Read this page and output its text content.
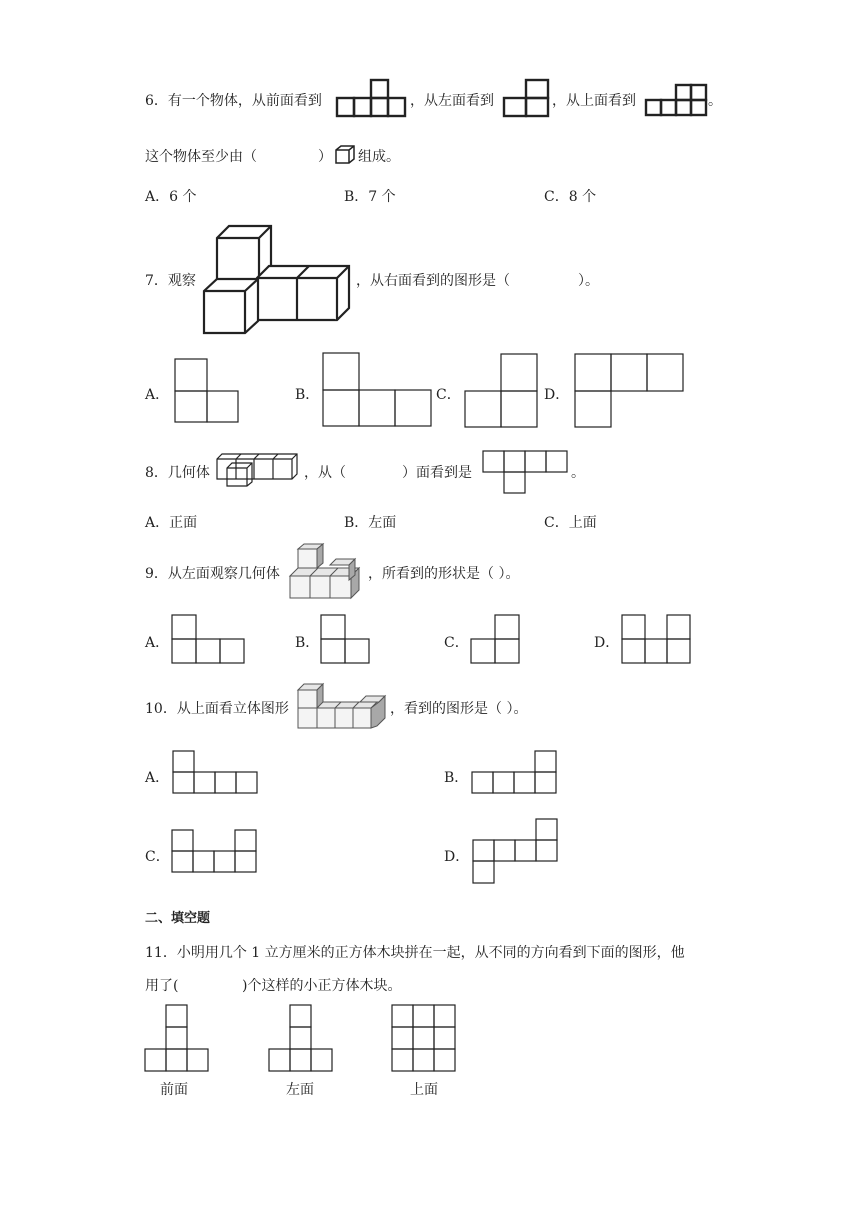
6．有一个物体，从前面看到	，从左面看到	，从上面看到	。
这个物体至少由（	） 组成。
A．6 个	B．7 个	C．8 个
7．观察	，从右面看到的图形是（	）。
A．	B．	C．	D．
8．几何体	，从（	）面看到是	。
A．正面	B．左面	C．上面
9．从左面观察几何体	，所看到的形状是（ ）。
A．	B．	C．	D．
10．从上面看立体图形	，看到的图形是（ ）。
A．	B．
C．	D．
二、填空题
11．小明用几个 1 立方厘米的正方体木块拼在一起，从不同的方向看到下面的图形，他
用了(	)个这样的小正方体木块。
前面	左面	上面
